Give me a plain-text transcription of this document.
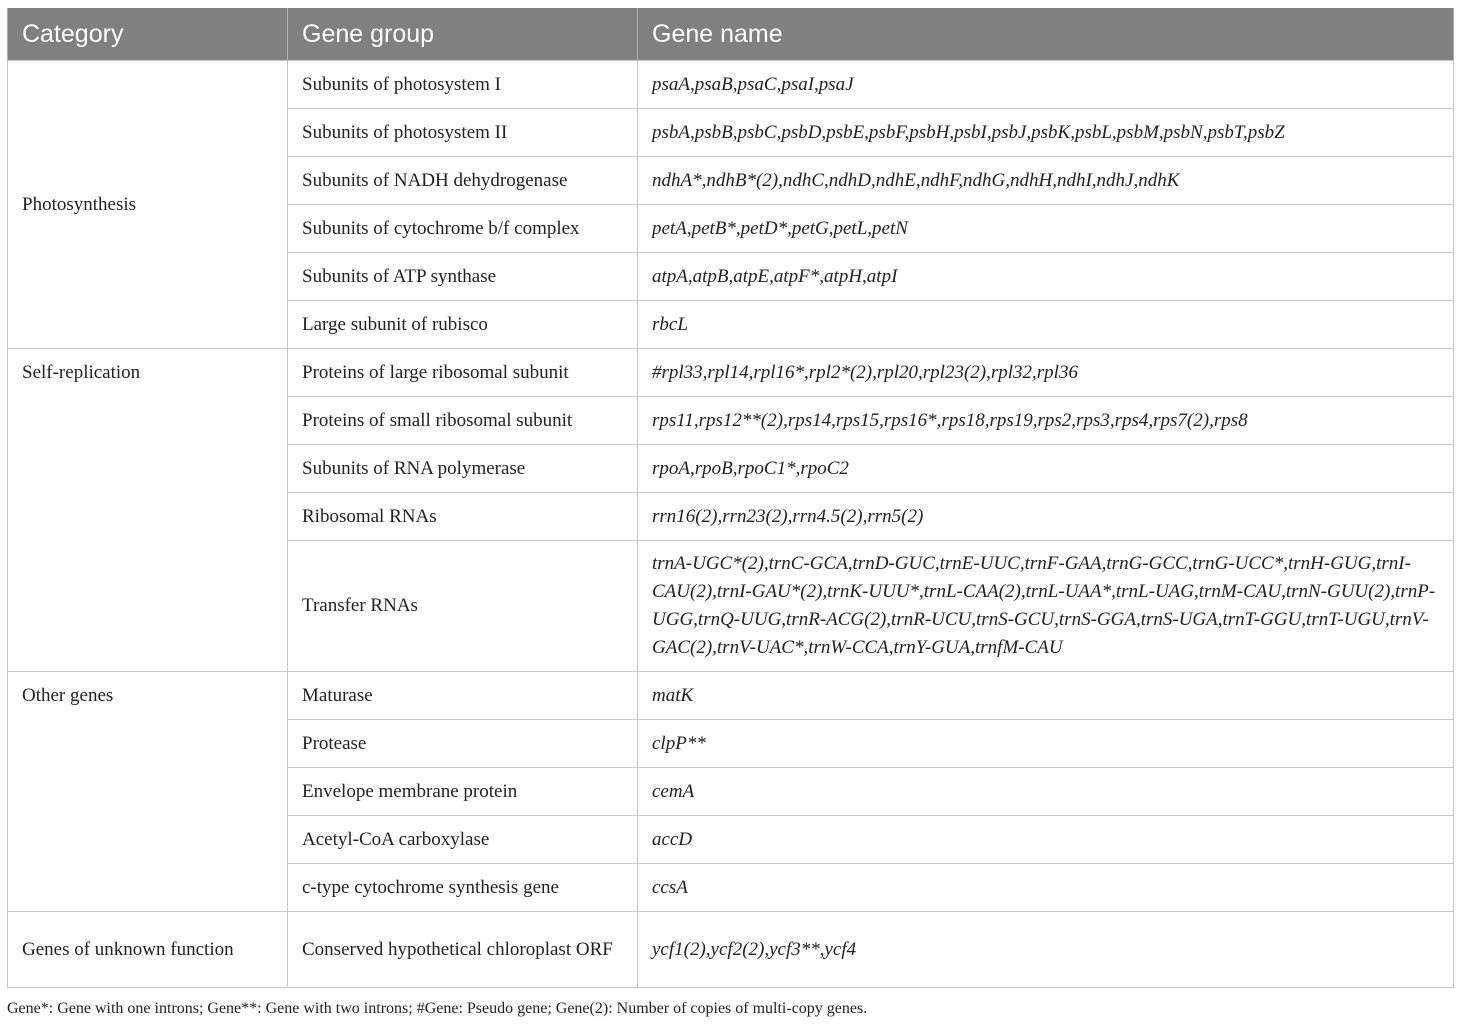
Category	Gene group	Gene name
Photosynthesis	Subunits of photosystem I	psaA,psaB,psaC,psaI,psaJ
	Subunits of photosystem II	psbA,psbB,psbC,psbD,psbE,psbF,psbH,psbI,psbJ,psbK,psbL,psbM,psbN,psbT,psbZ
	Subunits of NADH dehydrogenase	ndhA*,ndhB*(2),ndhC,ndhD,ndhE,ndhF,ndhG,ndhH,ndhI,ndhJ,ndhK
	Subunits of cytochrome b/f complex	petA,petB*,petD*,petG,petL,petN
	Subunits of ATP synthase	atpA,atpB,atpE,atpF*,atpH,atpI
	Large subunit of rubisco	rbcL
Self-replication	Proteins of large ribosomal subunit	#rpl33,rpl14,rpl16*,rpl2*(2),rpl20,rpl23(2),rpl32,rpl36
	Proteins of small ribosomal subunit	rps11,rps12**(2),rps14,rps15,rps16*,rps18,rps19,rps2,rps3,rps4,rps7(2),rps8
	Subunits of RNA polymerase	rpoA,rpoB,rpoC1*,rpoC2
	Ribosomal RNAs	rrn16(2),rrn23(2),rrn4.5(2),rrn5(2)
	Transfer RNAs	trnA-UGC*(2),trnC-GCA,trnD-GUC,trnE-UUC,trnF-GAA,trnG-GCC,trnG-UCC*,trnH-GUG,trnI-CAU(2),trnI-GAU*(2),trnK-UUU*,trnL-CAA(2),trnL-UAA*,trnL-UAG,trnM-CAU,trnN-GUU(2),trnP-UGG,trnQ-UUG,trnR-ACG(2),trnR-UCU,trnS-GCU,trnS-GGA,trnS-UGA,trnT-GGU,trnT-UGU,trnV-GAC(2),trnV-UAC*,trnW-CCA,trnY-GUA,trnfM-CAU
Other genes	Maturase	matK
	Protease	clpP**
	Envelope membrane protein	cemA
	Acetyl-CoA carboxylase	accD
	c-type cytochrome synthesis gene	ccsA
Genes of unknown function	Conserved hypothetical chloroplast ORF	ycf1(2),ycf2(2),ycf3**,ycf4
Gene*: Gene with one introns; Gene**: Gene with two introns; #Gene: Pseudo gene; Gene(2): Number of copies of multi-copy genes.
